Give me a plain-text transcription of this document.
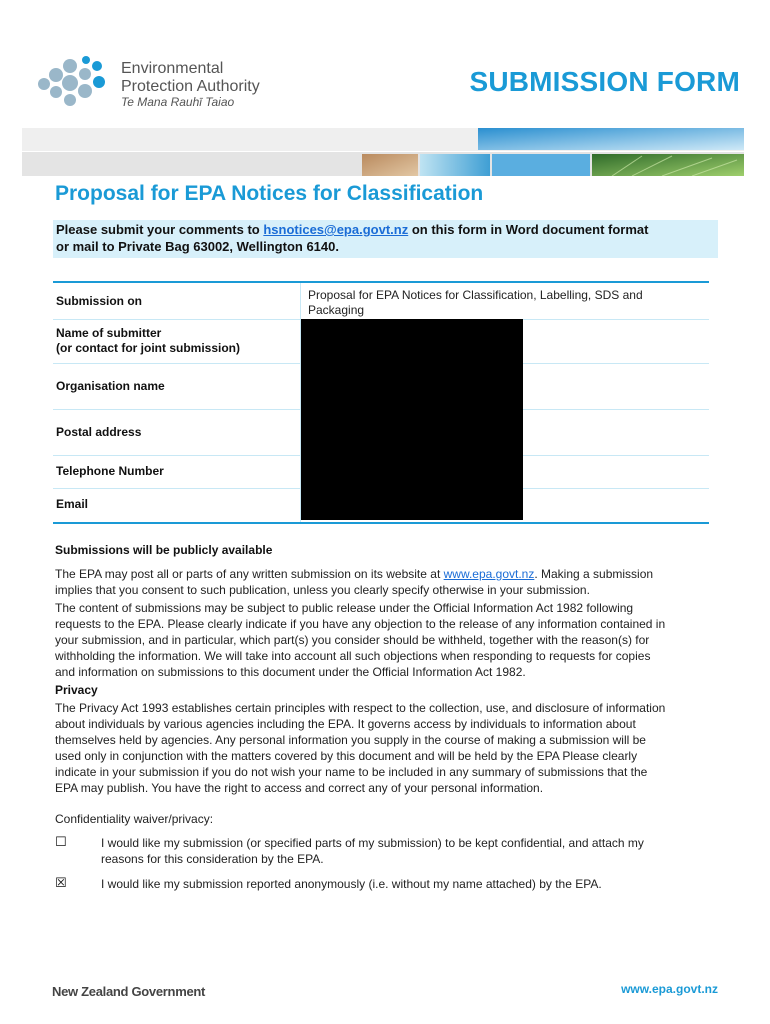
Environmental
Protection Authority
Te Mana Rauhī Taiao
SUBMISSION FORM
Proposal for EPA Notices for Classification
Please submit your comments to hsnotices@epa.govt.nz on this form in Word document format
or mail to Private Bag 63002, Wellington 6140.
Submission on	Proposal for EPA Notices for Classification, Labelling, SDS and Packaging
Name of submitter
(or contact for joint submission)
Organisation name
Postal address
Telephone Number
Email
Submissions will be publicly available
The EPA may post all or parts of any written submission on its website at www.epa.govt.nz. Making a submission
implies that you consent to such publication, unless you clearly specify otherwise in your submission.
The content of submissions may be subject to public release under the Official Information Act 1982 following
requests to the EPA. Please clearly indicate if you have any objection to the release of any information contained in
your submission, and in particular, which part(s) you consider should be withheld, together with the reason(s) for
withholding the information. We will take into account all such objections when responding to requests for copies
and information on submissions to this document under the Official Information Act 1982.
Privacy
The Privacy Act 1993 establishes certain principles with respect to the collection, use, and disclosure of information
about individuals by various agencies including the EPA. It governs access by individuals to information about
themselves held by agencies. Any personal information you supply in the course of making a submission will be
used only in conjunction with the matters covered by this document and will be held by the EPA Please clearly
indicate in your submission if you do not wish your name to be included in any summary of submissions that the
EPA may publish. You have the right to access and correct any of your personal information.
Confidentiality waiver/privacy:
☐	I would like my submission (or specified parts of my submission) to be kept confidential, and attach my
reasons for this consideration by the EPA.
☒	I would like my submission reported anonymously (i.e. without my name attached) by the EPA.
New Zealand Government	www.epa.govt.nz
